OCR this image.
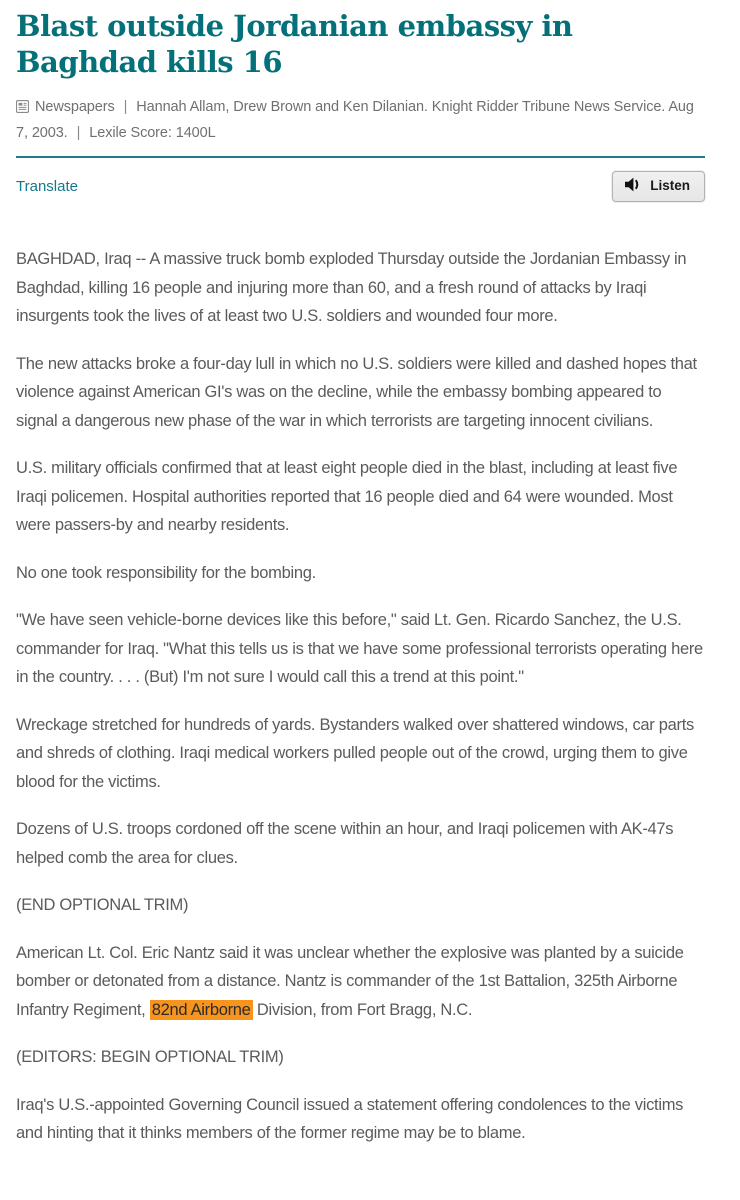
Blast outside Jordanian embassy in Baghdad kills 16
Newspapers | Hannah Allam, Drew Brown and Ken Dilanian. Knight Ridder Tribune News Service. Aug 7, 2003. | Lexile Score: 1400L
Translate	Listen

BAGHDAD, Iraq -- A massive truck bomb exploded Thursday outside the Jordanian Embassy in Baghdad, killing 16 people and injuring more than 60, and a fresh round of attacks by Iraqi insurgents took the lives of at least two U.S. soldiers and wounded four more.

The new attacks broke a four-day lull in which no U.S. soldiers were killed and dashed hopes that violence against American GI's was on the decline, while the embassy bombing appeared to signal a dangerous new phase of the war in which terrorists are targeting innocent civilians.

U.S. military officials confirmed that at least eight people died in the blast, including at least five Iraqi policemen. Hospital authorities reported that 16 people died and 64 were wounded. Most were passers-by and nearby residents.

No one took responsibility for the bombing.

"We have seen vehicle-borne devices like this before," said Lt. Gen. Ricardo Sanchez, the U.S. commander for Iraq. "What this tells us is that we have some professional terrorists operating here in the country. . . . (But) I'm not sure I would call this a trend at this point."

Wreckage stretched for hundreds of yards. Bystanders walked over shattered windows, car parts and shreds of clothing. Iraqi medical workers pulled people out of the crowd, urging them to give blood for the victims.

Dozens of U.S. troops cordoned off the scene within an hour, and Iraqi policemen with AK-47s helped comb the area for clues.

(END OPTIONAL TRIM)

American Lt. Col. Eric Nantz said it was unclear whether the explosive was planted by a suicide bomber or detonated from a distance. Nantz is commander of the 1st Battalion, 325th Airborne Infantry Regiment, 82nd Airborne Division, from Fort Bragg, N.C.

(EDITORS: BEGIN OPTIONAL TRIM)

Iraq's U.S.-appointed Governing Council issued a statement offering condolences to the victims and hinting that it thinks members of the former regime may be to blame.
